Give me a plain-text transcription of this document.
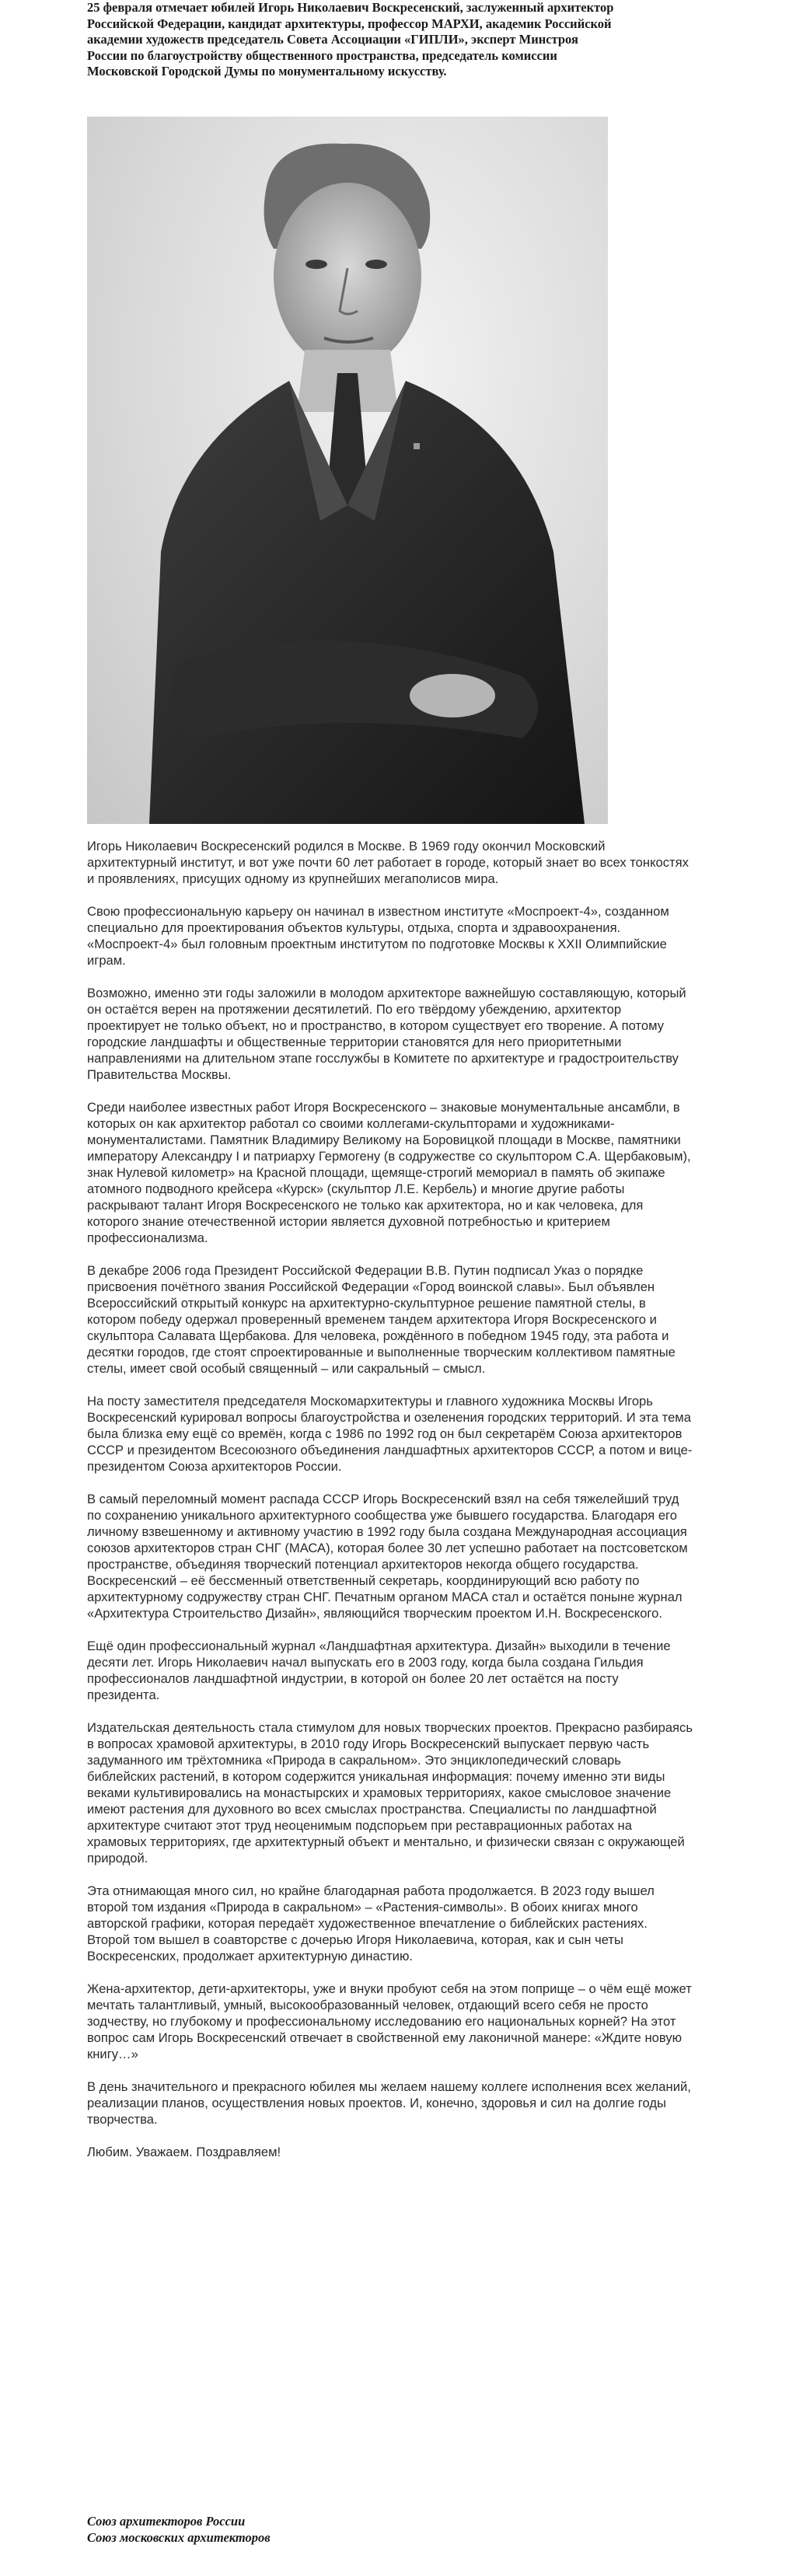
25 февраля отмечает юбилей Игорь Николаевич Воскресенский, заслуженный архитектор Российской Федерации, кандидат архитектуры, профессор МАРХИ, академик Российской академии художеств председатель Совета Ассоциации «ГИПЛИ», эксперт Минстроя России по благоустройству общественного пространства, председатель комиссии Московской Городской Думы по монументальному искусству.

Игорь Николаевич Воскресенский родился в Москве. В 1969 году окончил Московский архитектурный институт, и вот уже почти 60 лет работает в городе, который знает во всех тонкостях и проявлениях, присущих одному из крупнейших мегаполисов мира.

Свою профессиональную карьеру он начинал в известном институте «Моспроект-4», созданном специально для проектирования объектов культуры, отдыха, спорта и здравоохранения. «Моспроект-4» был головным проектным институтом по подготовке Москвы к XXII Олимпийские играм.

Возможно, именно эти годы заложили в молодом архитекторе важнейшую составляющую, который он остаётся верен на протяжении десятилетий. По его твёрдому убеждению, архитектор проектирует не только объект, но и пространство, в котором существует его творение. А потому городские ландшафты и общественные территории становятся для него приоритетными направлениями на длительном этапе госслужбы в Комитете по архитектуре и градостроительству Правительства Москвы.

Среди наиболее известных работ Игоря Воскресенского – знаковые монументальные ансамбли, в которых он как архитектор работал со своими коллегами-скульпторами и художниками-монументалистами. Памятник Владимиру Великому на Боровицкой площади в Москве, памятники императору Александру I и патриарху Гермогену (в содружестве со скульптором С.А. Щербаковым), знак Нулевой километр» на Красной площади, щемяще-строгий мемориал в память об экипаже атомного подводного крейсера «Курск» (скульптор Л.Е. Кербель) и многие другие работы раскрывают талант Игоря Воскресенского не только как архитектора, но и как человека, для которого знание отечественной истории является духовной потребностью и критерием профессионализма.

В декабре 2006 года Президент Российской Федерации В.В. Путин подписал Указ о порядке присвоения почётного звания Российской Федерации «Город воинской славы». Был объявлен Всероссийский открытый конкурс на архитектурно-скульптурное решение памятной стелы, в котором победу одержал проверенный временем тандем архитектора Игоря Воскресенского и скульптора Салавата Щербакова. Для человека, рождённого в победном 1945 году, эта работа и десятки городов, где стоят спроектированные и выполненные творческим коллективом памятные стелы, имеет свой особый священный – или сакральный – смысл.

На посту заместителя председателя Москомархитектуры и главного художника Москвы Игорь Воскресенский курировал вопросы благоустройства и озеленения городских территорий. И эта тема была близка ему ещё со времён, когда с 1986 по 1992 год он был секретарём Союза архитекторов СССР и президентом Всесоюзного объединения ландшафтных архитекторов СССР, а потом и вице-президентом Союза архитекторов России.

В самый переломный момент распада СССР Игорь Воскресенский взял на себя тяжелейший труд по сохранению уникального архитектурного сообщества уже бывшего государства. Благодаря его личному взвешенному и активному участию в 1992 году была создана Международная ассоциация союзов архитекторов стран СНГ (МАСА), которая более 30 лет успешно работает на постсоветском пространстве, объединяя творческий потенциал архитекторов некогда общего государства. Воскресенский – её бессменный ответственный секретарь, координирующий всю работу по архитектурному содружеству стран СНГ. Печатным органом МАСА стал и остаётся поныне журнал «Архитектура Строительство Дизайн», являющийся творческим проектом И.Н. Воскресенского.

Ещё один профессиональный журнал «Ландшафтная архитектура. Дизайн» выходили в течение десяти лет. Игорь Николаевич начал выпускать его в 2003 году, когда была создана Гильдия профессионалов ландшафтной индустрии, в которой он более 20 лет остаётся на посту президента.

Издательская деятельность стала стимулом для новых творческих проектов. Прекрасно разбираясь в вопросах храмовой архитектуры, в 2010 году Игорь Воскресенский выпускает первую часть задуманного им трёхтомника «Природа в сакральном». Это энциклопедический словарь библейских растений, в котором содержится уникальная информация: почему именно эти виды веками культивировались на монастырских и храмовых территориях, какое смысловое значение имеют растения для духовного во всех смыслах пространства. Специалисты по ландшафтной архитектуре считают этот труд неоценимым подспорьем при реставрационных работах на храмовых территориях, где архитектурный объект и ментально, и физически связан с окружающей природой.

Эта отнимающая много сил, но крайне благодарная работа продолжается. В 2023 году вышел второй том издания «Природа в сакральном» – «Растения-символы». В обоих книгах много авторской графики, которая передаёт художественное впечатление о библейских растениях. Второй том вышел в соавторстве с дочерью Игоря Николаевича, которая, как и сын четы Воскресенских, продолжает архитектурную династию.

Жена-архитектор, дети-архитекторы, уже и внуки пробуют себя на этом поприще – о чём ещё может мечтать талантливый, умный, высокообразованный человек, отдающий всего себя не просто зодчеству, но глубокому и профессиональному исследованию его национальных корней? На этот вопрос сам Игорь Воскресенский отвечает в свойственной ему лаконичной манере: «Ждите новую книгу…»

В день значительного и прекрасного юбилея мы желаем нашему коллеге исполнения всех желаний, реализации планов, осуществления новых проектов. И, конечно, здоровья и сил на долгие годы творчества.

Любим. Уважаем. Поздравляем!

Союз архитекторов России
Союз московских архитекторов
